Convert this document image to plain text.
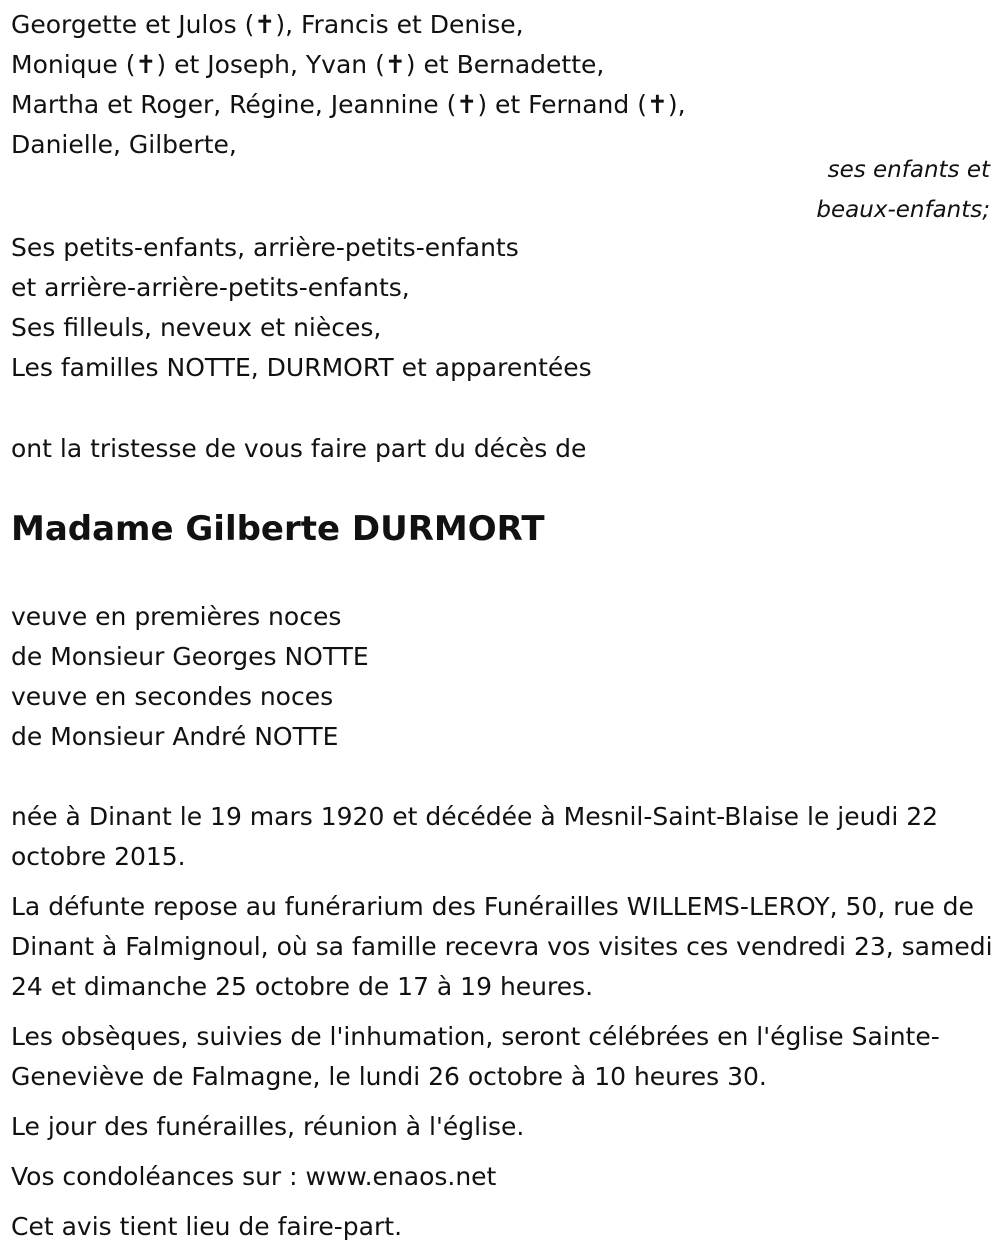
Georgette et Julos (✝), Francis et Denise,
Monique (✝) et Joseph, Yvan (✝) et Bernadette,
Martha et Roger, Régine, Jeannine (✝) et Fernand (✝),
Danielle, Gilberte,
ses enfants et
beaux-enfants;
Ses petits-enfants, arrière-petits-enfants
et arrière-arrière-petits-enfants,
Ses filleuls, neveux et nièces,
Les familles NOTTE, DURMORT et apparentées
ont la tristesse de vous faire part du décès de
Madame Gilberte DURMORT
veuve en premières noces
de Monsieur Georges NOTTE
veuve en secondes noces
de Monsieur André NOTTE
née à Dinant le 19 mars 1920 et décédée à Mesnil-Saint-Blaise le jeudi 22 octobre 2015.
La défunte repose au funérarium des Funérailles WILLEMS-LEROY, 50, rue de Dinant à Falmignoul, où sa famille recevra vos visites ces vendredi 23, samedi 24 et dimanche 25 octobre de 17 à 19 heures.
Les obsèques, suivies de l'inhumation, seront célébrées en l'église Sainte-Geneviève de Falmagne, le lundi 26 octobre à 10 heures 30.
Le jour des funérailles, réunion à l'église.
Vos condoléances sur : www.enaos.net
Cet avis tient lieu de faire-part.
